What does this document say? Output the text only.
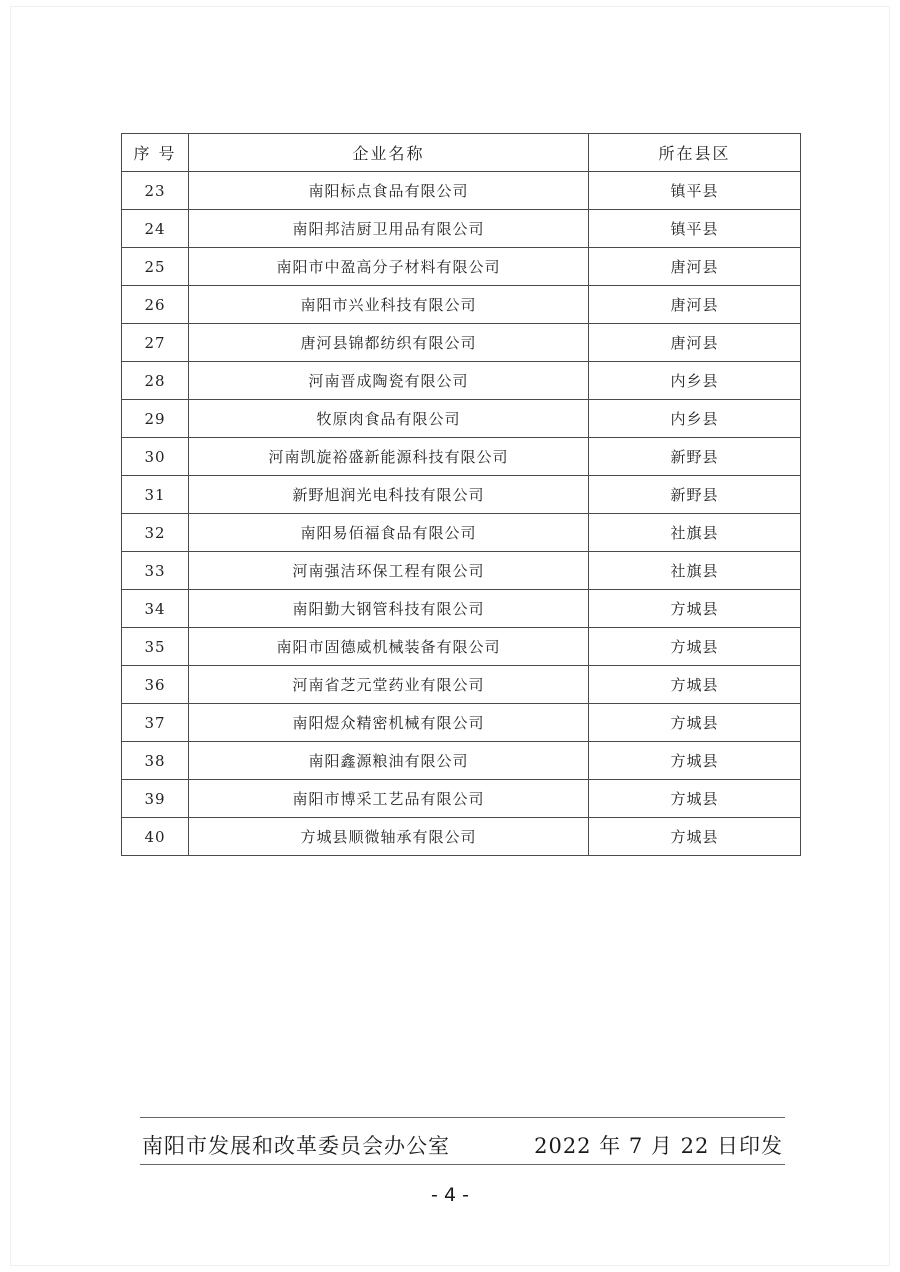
序 号	企业名称	所在县区
23	南阳标点食品有限公司	镇平县
24	南阳邦洁厨卫用品有限公司	镇平县
25	南阳市中盈高分子材料有限公司	唐河县
26	南阳市兴业科技有限公司	唐河县
27	唐河县锦都纺织有限公司	唐河县
28	河南晋成陶瓷有限公司	内乡县
29	牧原肉食品有限公司	内乡县
30	河南凯旋裕盛新能源科技有限公司	新野县
31	新野旭润光电科技有限公司	新野县
32	南阳易佰福食品有限公司	社旗县
33	河南强洁环保工程有限公司	社旗县
34	南阳勤大钢管科技有限公司	方城县
35	南阳市固德威机械装备有限公司	方城县
36	河南省芝元堂药业有限公司	方城县
37	南阳煜众精密机械有限公司	方城县
38	南阳鑫源粮油有限公司	方城县
39	南阳市博采工艺品有限公司	方城县
40	方城县顺微轴承有限公司	方城县
南阳市发展和改革委员会办公室	2022 年 7 月 22 日印发
- 4 -
